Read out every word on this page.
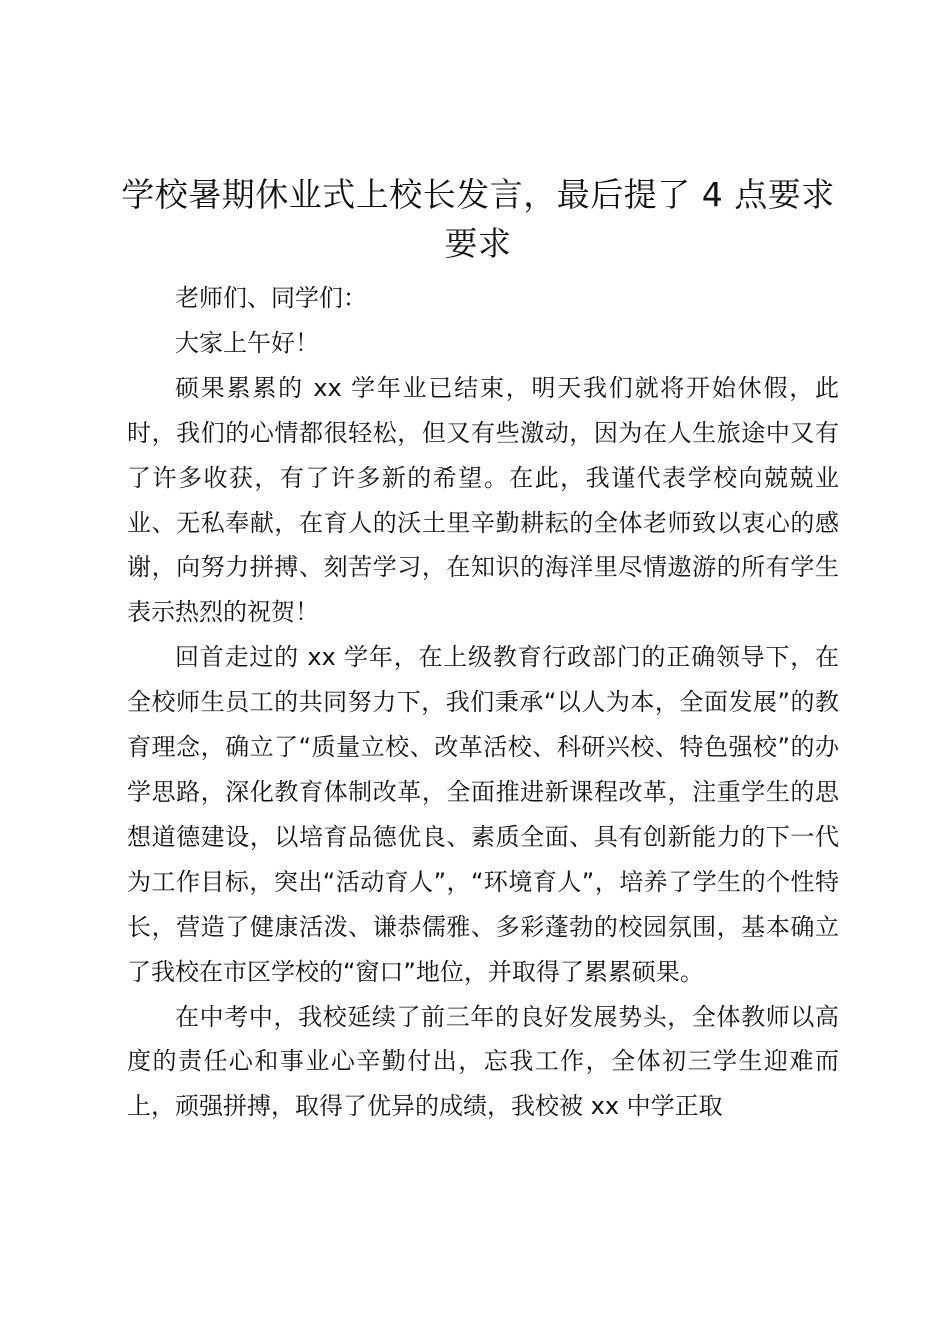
学校暑期休业式上校长发言，最后提了 4 点要求要求

老师们、同学们：

大家上午好！

硕果累累的 xx 学年业已结束，明天我们就将开始休假，此时，我们的心情都很轻松，但又有些激动，因为在人生旅途中又有了许多收获，有了许多新的希望。在此，我谨代表学校向兢兢业业、无私奉献，在育人的沃土里辛勤耕耘的全体老师致以衷心的感谢，向努力拼搏、刻苦学习，在知识的海洋里尽情遨游的所有学生表示热烈的祝贺！

回首走过的 xx 学年，在上级教育行政部门的正确领导下，在全校师生员工的共同努力下，我们秉承“以人为本，全面发展”的教育理念，确立了“质量立校、改革活校、科研兴校、特色强校”的办学思路，深化教育体制改革，全面推进新课程改革，注重学生的思想道德建设，以培育品德优良、素质全面、具有创新能力的下一代为工作目标，突出“活动育人”，“环境育人”，培养了学生的个性特长，营造了健康活泼、谦恭儒雅、多彩蓬勃的校园氛围，基本确立了我校在市区学校的“窗口”地位，并取得了累累硕果。

在中考中，我校延续了前三年的良好发展势头，全体教师以高度的责任心和事业心辛勤付出，忘我工作，全体初三学生迎难而上，顽强拼搏，取得了优异的成绩，我校被 xx 中学正取
